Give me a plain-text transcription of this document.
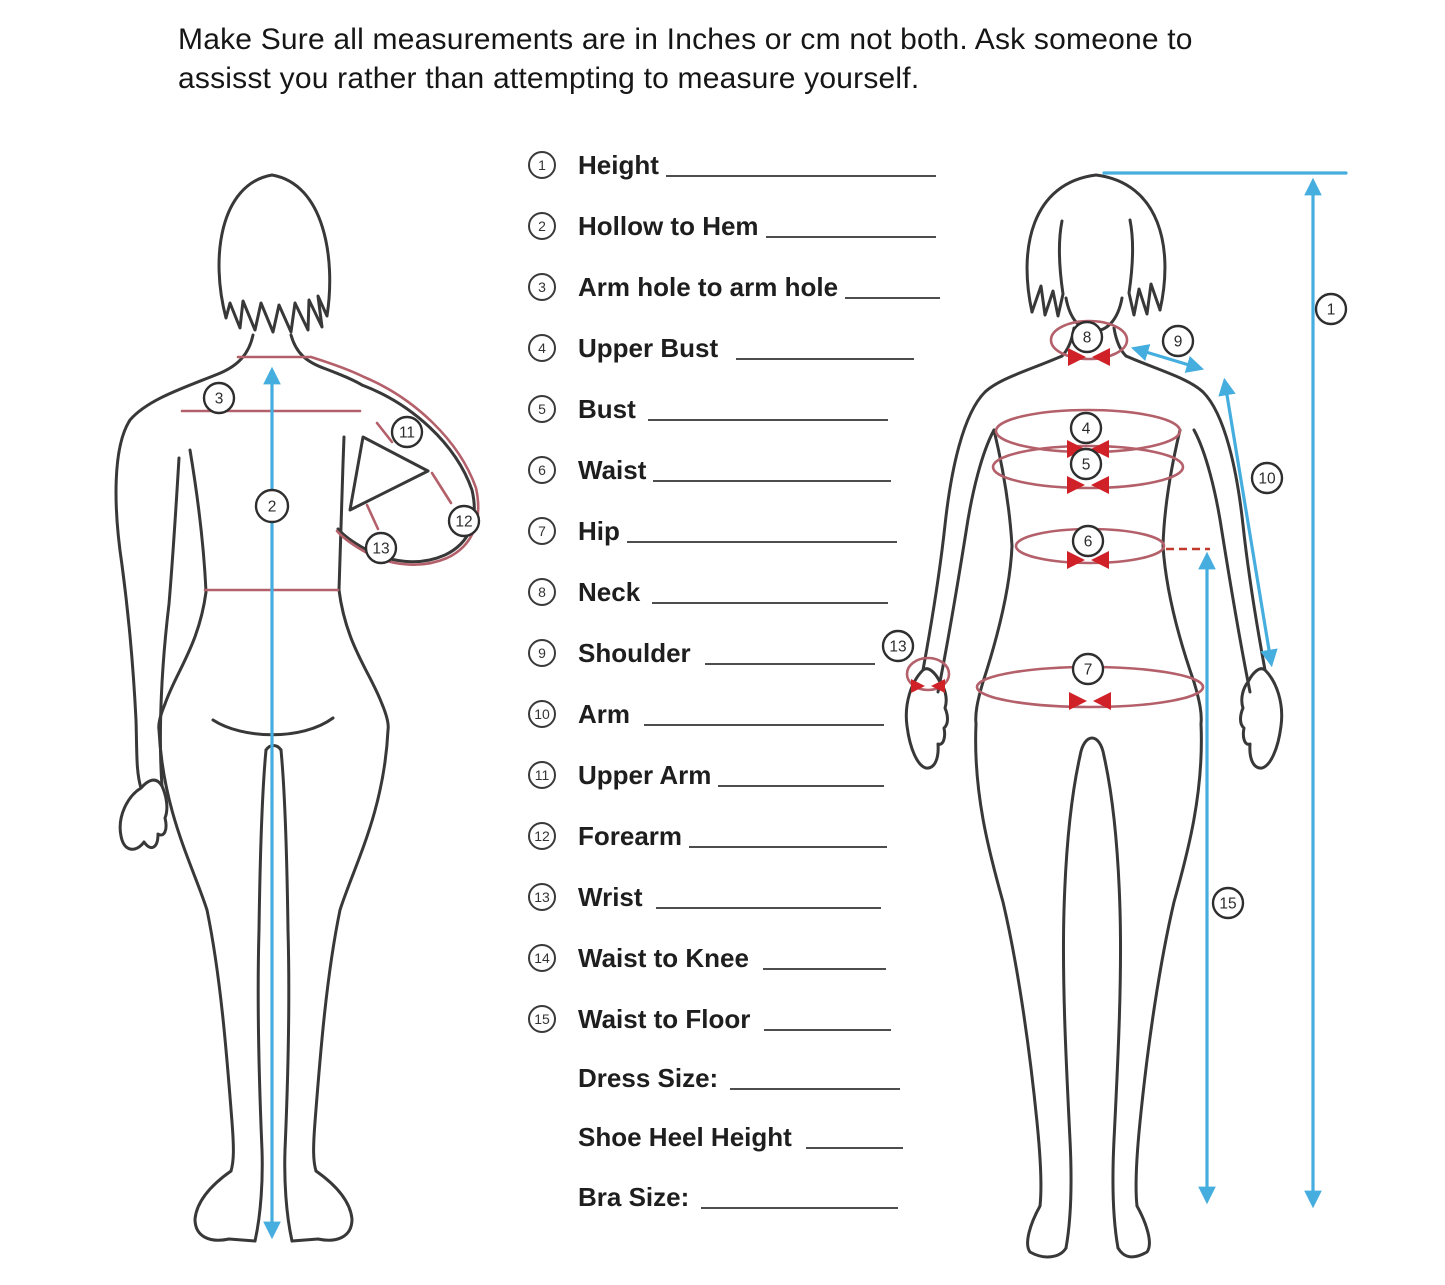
Make Sure all measurements are in Inches or cm not both. Ask someone to
assisst you rather than attempting to measure yourself.
1	Height
2	Hollow to Hem
3	Arm hole to arm hole
4	Upper Bust
5	Bust
6	Waist
7	Hip
8	Neck
9	Shoulder
10 Arm
11 Upper Arm
12 Forearm
13 Wrist
14 Waist to Knee
15 Waist to Floor
Dress Size:
Shoe Heel Height
Bra Size:
3
2
11
12
13
8	9
1
4
5
10
6
13
7
15
